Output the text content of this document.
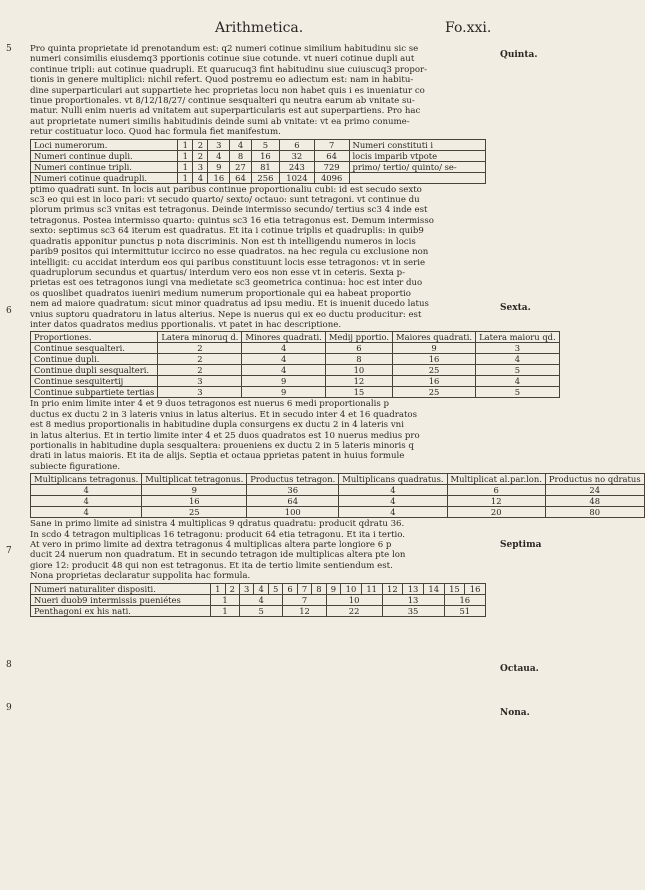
Arithmetica.	Fo.xxi.
Quinta.
Sexta.
Septima
Octaua.
Nona.
5
6
7
8
9

Pro quinta proprietate id prenotandum est: q2 numeri cotinue similium habitudinu sic se
numeri consimilis eiusdemq3 pportionis cotinue siue cotunde. vt nueri cotinue dupli aut
continue tripli: aut cotinue quadrupli. Et quarucuq3 fint habitudinu siue cuiuscuq3 propor-
tionis in genere multiplici: nichil refert. Quod postremu eo adiectum est: nam in habitu-
dine superparticulari aut suppartiete hec proprietas locu non habet quis i es inueniatur co
tinue proportionales. vt 8/12/18/27/ continue sesqualteri qu neutra earum ab vnitate su-
matur. Nulli enim nueris ad vnitatem aut superparticularis est aut superpartiens. Pro hac
aut proprietate numeri similis habitudinis deinde sumi ab vnitate: vt ea primo conume-
retur costituatur loco. Quod hac formula fiet manifestum.

Loci numerorum.	1	2	3	4	5	6	7	Numeri constituti i
Numeri continue dupli.	1	2	4	8	16	32	64	locis imparib vtpote
Numeri continue tripli.	1	3	9	27	81	243	729	primo/ tertio/ quinto/ se-
Numeri cotinue quadrupli.	1	4	16	64	256	1024	4096	

ptimo quadrati sunt. In locis aut paribus continue proportionaliu cubi: id est secudo sexto
sc3 eo qui est in loco pari: vt secudo quarto/ sexto/ octauo: sunt tetragoni. vt continue du
plorum primus sc3 vnitas est tetragonus. Deinde intermisso secundo/ tertius sc3 4 inde est
tetragonus. Postea intermisso quarto: quintus sc3 16 etia tetragonus est. Demum intermisso
sexto: septimus sc3 64 iterum est quadratus. Et ita i cotinue triplis et quadruplis: in quib9
quadratis apponitur punctus p nota discriminis. Non est th intelligendu numeros in locis
parib9 positos qui intermittutur iccirco no esse quadratos. na hec regula cu exclusione non
intelligit: cu accidat interdum eos qui paribus constituunt locis esse tetragonos: vt in serie
quadruplorum secundus et quartus/ interdum vero eos non esse vt in ceteris. Sexta p-
prietas est oes tetragonos iungi vna medietate sc3 geometrica continua: hoc est inter duo
os quoslibet quadratos iueniri medium numerum proportionale qui ea habeat proportio
nem ad maiore quadratum: sicut minor quadratus ad ipsu mediu. Et is inuenit ducedo latus
vnius suptoru quadratoru in latus alterius. Nepe is nuerus qui ex eo ductu producitur: est
inter datos quadratos medius pportionalis. vt patet in hac descriptione.

Proportiones.	Latera minoruq d.	Minores quadrati.	Medij pportio.	Maiores quadrati.	Latera maioru qd.
Continue sesqualteri.	2	4	6	9	3
Continue dupli.	2	4	8	16	4
Continue dupli sesqualteri.	2	4	10	25	5
Continue sesquitertij	3	9	12	16	4
Continue subpartiete tertias	3	9	15	25	5

In prio enim limite inter 4 et 9 duos tetragonos est nuerus 6 medi proportionalis p
ductus ex ductu 2 in 3 lateris vnius in latus alterius. Et in secudo inter 4 et 16 quadratos
est 8 medius proportionalis in habitudine dupla consurgens ex ductu 2 in 4 lateris vni
in latus alterius. Et in tertio limite inter 4 et 25 duos quadratos est 10 nuerus medius pro
portionalis in habitudine dupla sesqualtera: proueniens ex ductu 2 in 5 lateris minoris q
drati in latus maioris. Et ita de alijs. Septia et octaua pprietas patent in huius formule
subiecte figuratione.

Multiplicans tetragonus.	Multiplicat tetragonus.	Productus tetragon.	Multiplicans quadratus.	Multiplicat al.par.lon.	Productus no qdratus
4	9	36	4	6	24
4	16	64	4	12	48
4	25	100	4	20	80

Sane in primo limite ad sinistra 4 multiplicas 9 qdratus quadratu: producit qdratu 36.
In scdo 4 tetragon multiplicas 16 tetragonu: producit 64 etia tetragonu. Et ita i tertio.
At vero in primo limite ad dextra tetragonus 4 multiplicas altera parte longiore 6 p
ducit 24 nuerum non quadratum. Et in secundo tetragon ide multiplicas altera pte lon
giore 12: producit 48 qui non est tetragonus. Et ita de tertio limite sentiendum est.
Nona proprietas declaratur suppolita hac formula.

Numeri naturaliter dispositi.	1	2	3	4	5	6	7	8	9	10	11	12	13	14	15	16
Nueri duob9 intermissis pueniétes	1		4			7			10			13			16	
Penthagoni ex his nati.	1		5			12			22			35			51	
